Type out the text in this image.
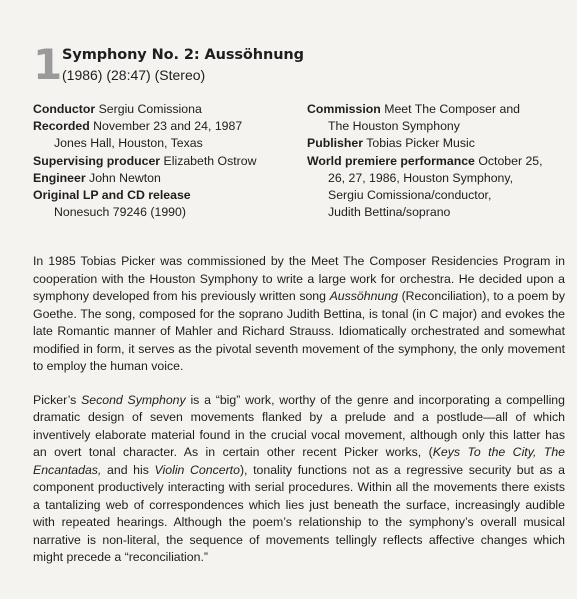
1 Symphony No. 2: Aussöhnung
(1986) (28:47) (Stereo)
Conductor Sergiu Comissiona
Recorded November 23 and 24, 1987
Jones Hall, Houston, Texas
Supervising producer Elizabeth Ostrow
Engineer John Newton
Original LP and CD release
Nonesuch 79246 (1990)
Commission Meet The Composer and
The Houston Symphony
Publisher Tobias Picker Music
World premiere performance October 25,
26, 27, 1986, Houston Symphony,
Sergiu Comissiona/conductor,
Judith Bettina/soprano

In 1985 Tobias Picker was commissioned by the Meet The Composer Residencies Program in cooperation with the Houston Symphony to write a large work for orchestra. He decided upon a symphony developed from his previously written song Aussöhnung (Reconciliation), to a poem by Goethe. The song, composed for the soprano Judith Bettina, is tonal (in C major) and evokes the late Romantic manner of Mahler and Richard Strauss. Idiomatically orchestrated and somewhat modified in form, it serves as the pivotal seventh movement of the symphony, the only movement to employ the human voice.

Picker’s Second Symphony is a “big” work, worthy of the genre and incorporating a compelling dramatic design of seven movements flanked by a prelude and a postlude—all of which inventively elaborate material found in the crucial vocal movement, although only this latter has an overt tonal character. As in certain other recent Picker works, (Keys To the City, The Encantadas, and his Violin Concerto), tonality functions not as a regressive security but as a component productively interacting with serial procedures. Within all the movements there exists a tantalizing web of correspondences which lies just beneath the surface, increasingly audible with repeated hearings. Although the poem’s relationship to the symphony’s overall musical narrative is non-literal, the sequence of movements tellingly reflects affective changes which might precede a “reconciliation.”
